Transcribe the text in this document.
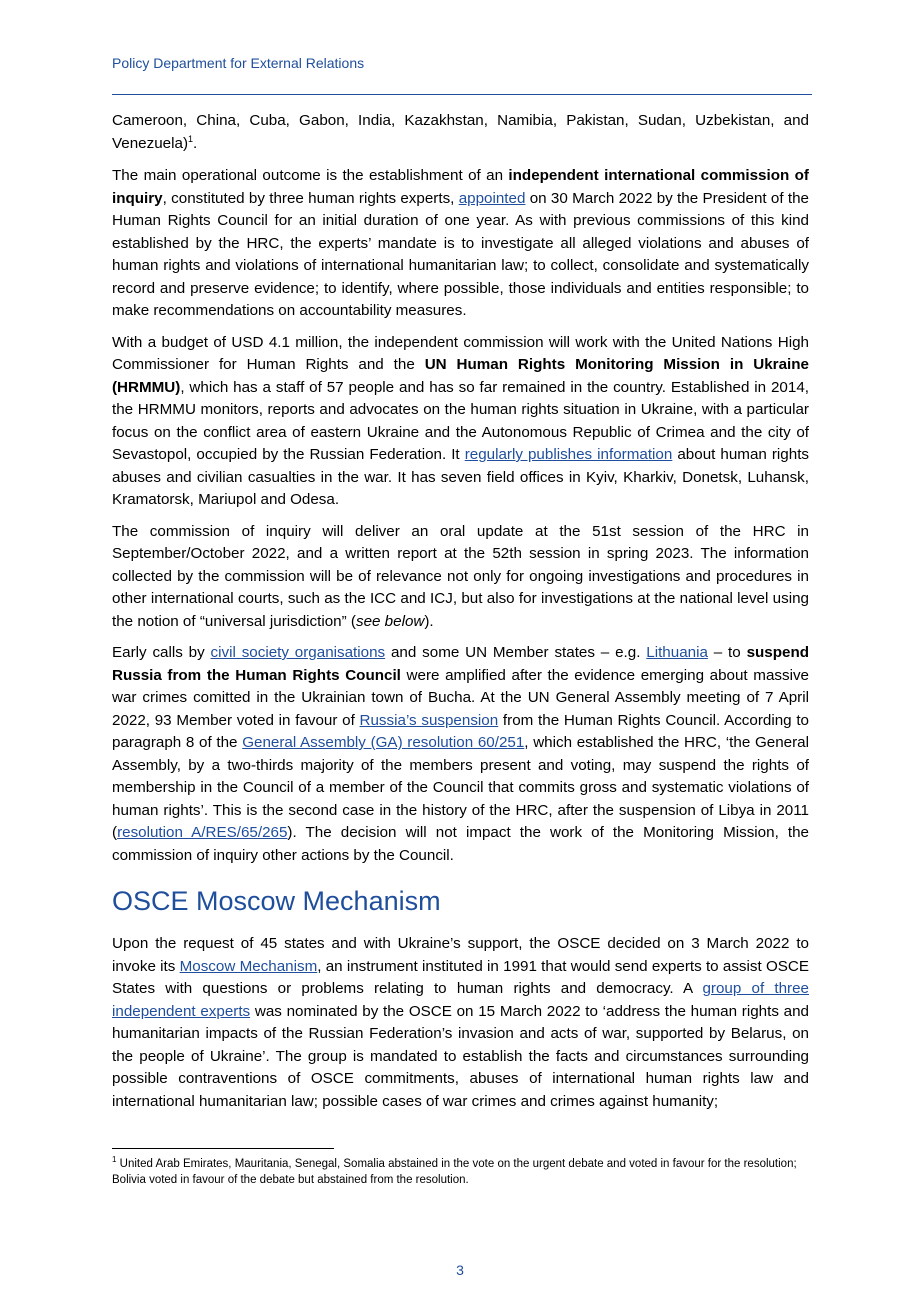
Policy Department for External Relations

Cameroon, China, Cuba, Gabon, India, Kazakhstan, Namibia, Pakistan, Sudan, Uzbekistan, and Venezuela)$^1$.

The main operational outcome is the establishment of an independent international commission of inquiry, constituted by three human rights experts, appointed on 30 March 2022 by the President of the Human Rights Council for an initial duration of one year. As with previous commissions of this kind established by the HRC, the experts’ mandate is to investigate all alleged violations and abuses of human rights and violations of international humanitarian law; to collect, consolidate and systematically record and preserve evidence; to identify, where possible, those individuals and entities responsible; to make recommendations on accountability measures.

With a budget of USD 4.1 million, the independent commission will work with the United Nations High Commissioner for Human Rights and the UN Human Rights Monitoring Mission in Ukraine (HRMMU), which has a staff of 57 people and has so far remained in the country. Established in 2014, the HRMMU monitors, reports and advocates on the human rights situation in Ukraine, with a particular focus on the conflict area of eastern Ukraine and the Autonomous Republic of Crimea and the city of Sevastopol, occupied by the Russian Federation. It regularly publishes information about human rights abuses and civilian casualties in the war. It has seven field offices in Kyiv, Kharkiv, Donetsk, Luhansk, Kramatorsk, Mariupol and Odesa.

The commission of inquiry will deliver an oral update at the 51st session of the HRC in September/October 2022, and a written report at the 52th session in spring 2023. The information collected by the commission will be of relevance not only for ongoing investigations and procedures in other international courts, such as the ICC and ICJ, but also for investigations at the national level using the notion of “universal jurisdiction” (see below).

Early calls by civil society organisations and some UN Member states – e.g. Lithuania – to suspend Russia from the Human Rights Council were amplified after the evidence emerging about massive war crimes comitted in the Ukrainian town of Bucha. At the UN General Assembly meeting of 7 April 2022, 93 Member voted in favour of Russia’s suspension from the Human Rights Council. According to paragraph 8 of the General Assembly (GA) resolution 60/251, which established the HRC, ‘the General Assembly, by a two-thirds majority of the members present and voting, may suspend the rights of membership in the Council of a member of the Council that commits gross and systematic violations of human rights’. This is the second case in the history of the HRC, after the suspension of Libya in 2011 (resolution A/RES/65/265). The decision will not impact the work of the Monitoring Mission, the commission of inquiry other actions by the Council.

OSCE Moscow Mechanism

Upon the request of 45 states and with Ukraine’s support, the OSCE decided on 3 March 2022 to invoke its Moscow Mechanism, an instrument instituted in 1991 that would send experts to assist OSCE States with questions or problems relating to human rights and democracy. A group of three independent experts was nominated by the OSCE on 15 March 2022 to ‘address the human rights and humanitarian impacts of the Russian Federation’s invasion and acts of war, supported by Belarus, on the people of Ukraine’. The group is mandated to establish the facts and circumstances surrounding possible contraventions of OSCE commitments, abuses of international human rights law and international humanitarian law; possible cases of war crimes and crimes against humanity;

$^1$ United Arab Emirates, Mauritania, Senegal, Somalia abstained in the vote on the urgent debate and voted in favour for the resolution; Bolivia voted in favour of the debate but abstained from the resolution.
3
